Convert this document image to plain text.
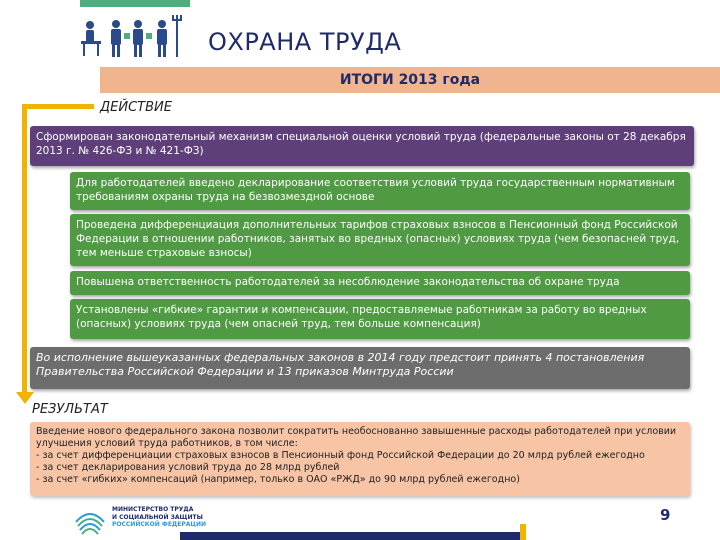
ОХРАНА ТРУДА
ИТОГИ 2013 года
ДЕЙСТВИЕ
Сформирован законодательный механизм специальной оценки условий труда (федеральные законы от 28 декабря 2013 г. № 426-ФЗ и № 421-ФЗ)
Для работодателей введено декларирование соответствия условий труда государственным нормативным требованиям охраны труда на безвозмездной основе
Проведена дифференциация дополнительных тарифов страховых взносов в Пенсионный фонд Российской Федерации в отношении работников, занятых во вредных (опасных) условиях труда (чем безопасней труд, тем меньше страховые взносы)
Повышена ответственность работодателей за несоблюдение законодательства об охране труда
Установлены «гибкие» гарантии и компенсации, предоставляемые работникам за работу во вредных (опасных) условиях труда (чем опасней труд, тем больше компенсация)
Во исполнение вышеуказанных федеральных законов в 2014 году предстоит принять 4 постановления Правительства Российской Федерации и 13 приказов Минтруда России
РЕЗУЛЬТАТ
Введение нового федерального закона позволит сократить необоснованно завышенные расходы работодателей при условии
улучшения условий труда работников, в том числе:
- за счет дифференциации страховых взносов в Пенсионный фонд Российской Федерации до 20 млрд рублей ежегодно
- за счет декларирования условий труда до 28 млрд рублей
- за счет «гибких» компенсаций (например, только в ОАО «РЖД» до 90 млрд рублей ежегодно)
МИНИСТЕРСТВО ТРУДА
И СОЦИАЛЬНОЙ ЗАЩИТЫ
РОССИЙСКОЙ ФЕДЕРАЦИИ
9
